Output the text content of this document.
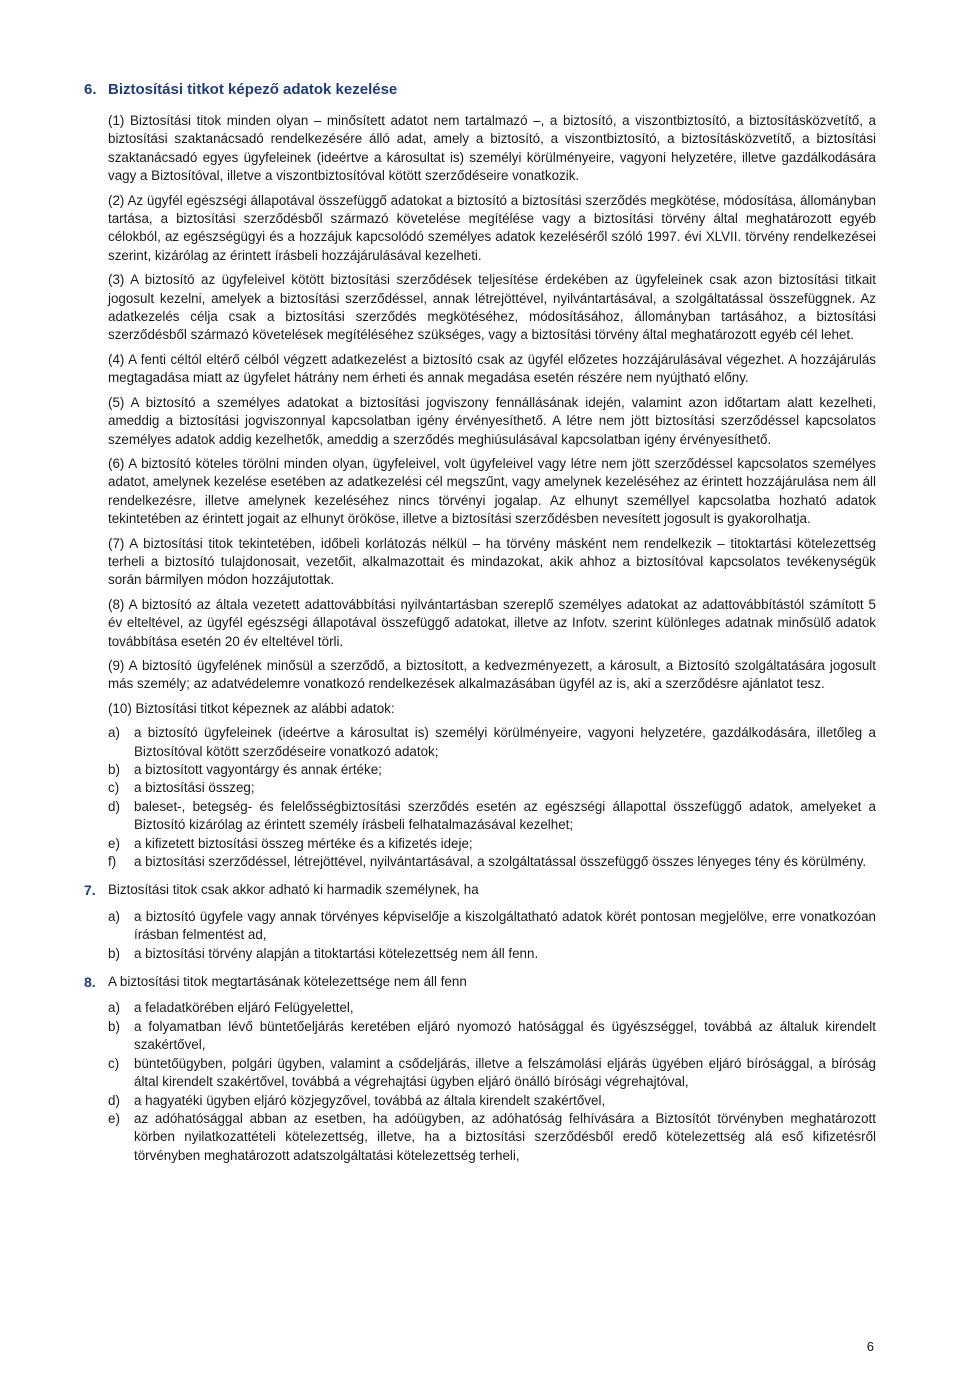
6. Biztosítási titkot képező adatok kezelése

(1) Biztosítási titok minden olyan – minősített adatot nem tartalmazó –, a biztosító, a viszontbiztosító, a biztosításközvetítő, a biztosítási szaktanácsadó rendelkezésére álló adat, amely a biztosító, a viszontbiztosító, a biztosításközvetítő, a biztosítási szaktanácsadó egyes ügyfeleinek (ideértve a károsultat is) személyi körülményeire, vagyoni helyzetére, illetve gazdálkodására vagy a Biztosítóval, illetve a viszontbiztosítóval kötött szerződéseire vonatkozik.

(2) Az ügyfél egészségi állapotával összefüggő adatokat a biztosító a biztosítási szerződés megkötése, módosítása, állományban tartása, a biztosítási szerződésből származó követelése megítélése vagy a biztosítási törvény által meghatározott egyéb célokból, az egészségügyi és a hozzájuk kapcsolódó személyes adatok kezeléséről szóló 1997. évi XLVII. törvény rendelkezései szerint, kizárólag az érintett írásbeli hozzájárulásával kezelheti.

(3) A biztosító az ügyfeleivel kötött biztosítási szerződések teljesítése érdekében az ügyfeleinek csak azon biztosítási titkait jogosult kezelni, amelyek a biztosítási szerződéssel, annak létrejöttével, nyilvántartásával, a szolgáltatással összefüggnek. Az adatkezelés célja csak a biztosítási szerződés megkötéséhez, módosításához, állományban tartásához, a biztosítási szerződésből származó követelések megítéléséhez szükséges, vagy a biztosítási törvény által meghatározott egyéb cél lehet.

(4) A fenti céltól eltérő célból végzett adatkezelést a biztosító csak az ügyfél előzetes hozzájárulásával végezhet. A hozzájárulás megtagadása miatt az ügyfelet hátrány nem érheti és annak megadása esetén részére nem nyújtható előny.

(5) A biztosító a személyes adatokat a biztosítási jogviszony fennállásának idején, valamint azon időtartam alatt kezelheti, ameddig a biztosítási jogviszonnyal kapcsolatban igény érvényesíthető. A létre nem jött biztosítási szerződéssel kapcsolatos személyes adatok addig kezelhetők, ameddig a szerződés meghiúsulásával kapcsolatban igény érvényesíthető.

(6) A biztosító köteles törölni minden olyan, ügyfeleivel, volt ügyfeleivel vagy létre nem jött szerződéssel kapcsolatos személyes adatot, amelynek kezelése esetében az adatkezelési cél megszűnt, vagy amelynek kezeléséhez az érintett hozzájárulása nem áll rendelkezésre, illetve amelynek kezeléséhez nincs törvényi jogalap. Az elhunyt személlyel kapcsolatba hozható adatok tekintetében az érintett jogait az elhunyt örököse, illetve a biztosítási szerződésben nevesített jogosult is gyakorolhatja.

(7) A biztosítási titok tekintetében, időbeli korlátozás nélkül – ha törvény másként nem rendelkezik – titoktartási kötelezettség terheli a biztosító tulajdonosait, vezetőit, alkalmazottait és mindazokat, akik ahhoz a biztosítóval kapcsolatos tevékenységük során bármilyen módon hozzájutottak.

(8) A biztosító az általa vezetett adattovábbítási nyilvántartásban szereplő személyes adatokat az adattovábbítástól számított 5 év elteltével, az ügyfél egészségi állapotával összefüggő adatokat, illetve az Infotv. szerint különleges adatnak minősülő adatok továbbítása esetén 20 év elteltével törli.

(9) A biztosító ügyfelének minősül a szerződő, a biztosított, a kedvezményezett, a károsult, a Biztosító szolgáltatására jogosult más személy; az adatvédelemre vonatkozó rendelkezések alkalmazásában ügyfél az is, aki a szerződésre ajánlatot tesz.

(10) Biztosítási titkot képeznek az alábbi adatok:

a) a biztosító ügyfeleinek (ideértve a károsultat is) személyi körülményeire, vagyoni helyzetére, gazdálkodására, illetőleg a Biztosítóval kötött szerződéseire vonatkozó adatok;
b) a biztosított vagyontárgy és annak értéke;
c) a biztosítási összeg;
d) baleset-, betegség- és felelősségbiztosítási szerződés esetén az egészségi állapottal összefüggő adatok, amelyeket a Biztosító kizárólag az érintett személy írásbeli felhatalmazásával kezelhet;
e) a kifizetett biztosítási összeg mértéke és a kifizetés ideje;
f) a biztosítási szerződéssel, létrejöttével, nyilvántartásával, a szolgáltatással összefüggő összes lényeges tény és körülmény.
7. Biztosítási titok csak akkor adható ki harmadik személynek, ha
a) a biztosító ügyfele vagy annak törvényes képviselője a kiszolgáltatható adatok körét pontosan megjelölve, erre vonatkozóan írásban felmentést ad,
b) a biztosítási törvény alapján a titoktartási kötelezettség nem áll fenn.
8. A biztosítási titok megtartásának kötelezettsége nem áll fenn
a) a feladatkörében eljáró Felügyelettel,
b) a folyamatban lévő büntetőeljárás keretében eljáró nyomozó hatósággal és ügyészséggel, továbbá az általuk kirendelt szakértővel,
c) büntetőügyben, polgári ügyben, valamint a csődeljárás, illetve a felszámolási eljárás ügyében eljáró bírósággal, a bíróság által kirendelt szakértővel, továbbá a végrehajtási ügyben eljáró önálló bírósági végrehajtóval,
d) a hagyatéki ügyben eljáró közjegyzővel, továbbá az általa kirendelt szakértővel,
e) az adóhatósággal abban az esetben, ha adóügyben, az adóhatóság felhívására a Biztosítót törvényben meghatározott körben nyilatkozattételi kötelezettség, illetve, ha a biztosítási szerződésből eredő kötelezettség alá eső kifizetésről törvényben meghatározott adatszolgáltatási kötelezettség terheli,
6
